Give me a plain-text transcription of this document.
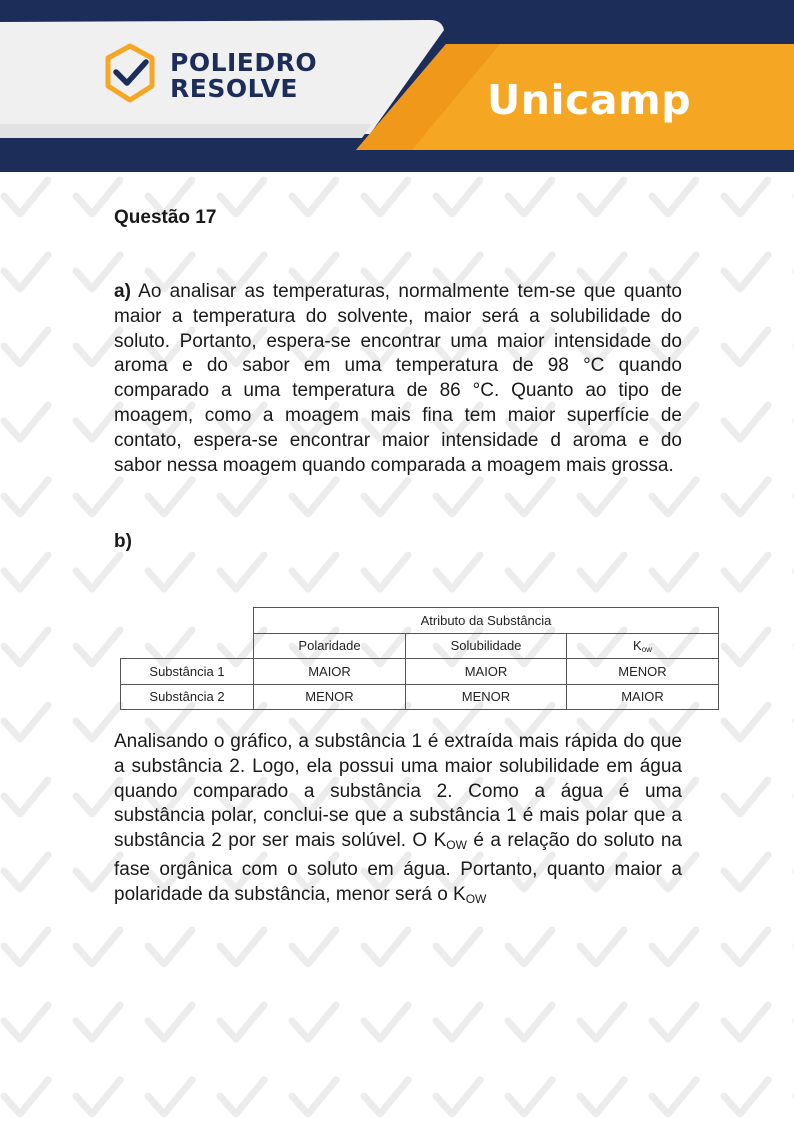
POLIEDRO
RESOLVE	Unicamp
Questão 17

a) Ao analisar as temperaturas, normalmente tem-se que quanto maior a temperatura do solvente, maior será a solubilidade do soluto. Portanto, espera-se encontrar uma maior intensidade do aroma e do sabor em uma temperatura de 98 °C quando comparado a uma temperatura de 86 °C. Quanto ao tipo de moagem, como a moagem mais fina tem maior superfície de contato, espera-se encontrar maior intensidade d aroma e do sabor nessa moagem quando comparada a moagem mais grossa.

b)
	Atributo da Substância		
	Polaridade	Solubilidade	Kow
Substância 1	MAIOR	MAIOR	MENOR
Substância 2	MENOR	MENOR	MAIOR

Analisando o gráfico, a substância 1 é extraída mais rápida do que a substância 2. Logo, ela possui uma maior solubilidade em água quando comparado a substância 2. Como a água é uma substância polar, conclui-se que a substância 1 é mais polar que a substância 2 por ser mais solúvel. O $K_{OW}$ é a relação do soluto na fase orgânica com o soluto em água. Portanto, quanto maior a polaridade da substância, menor será o $K_{OW}$
